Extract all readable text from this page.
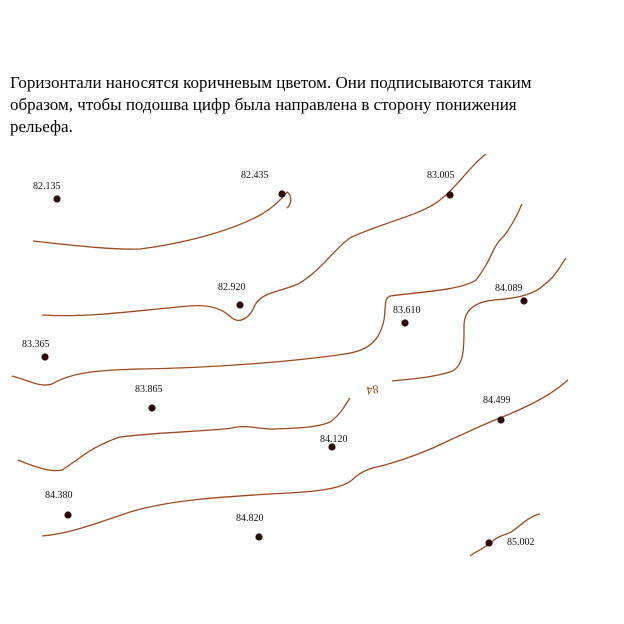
Горизонтали наносятся коричневым цветом. Они подписываются таким
образом, чтобы подошва цифр была направлена в сторону понижения
рельефа.
84
82.135
82.435	83.005
82.920
83.610
84.089
83.365
83.865
84.499
84.120
84.380
84.820
85.002
